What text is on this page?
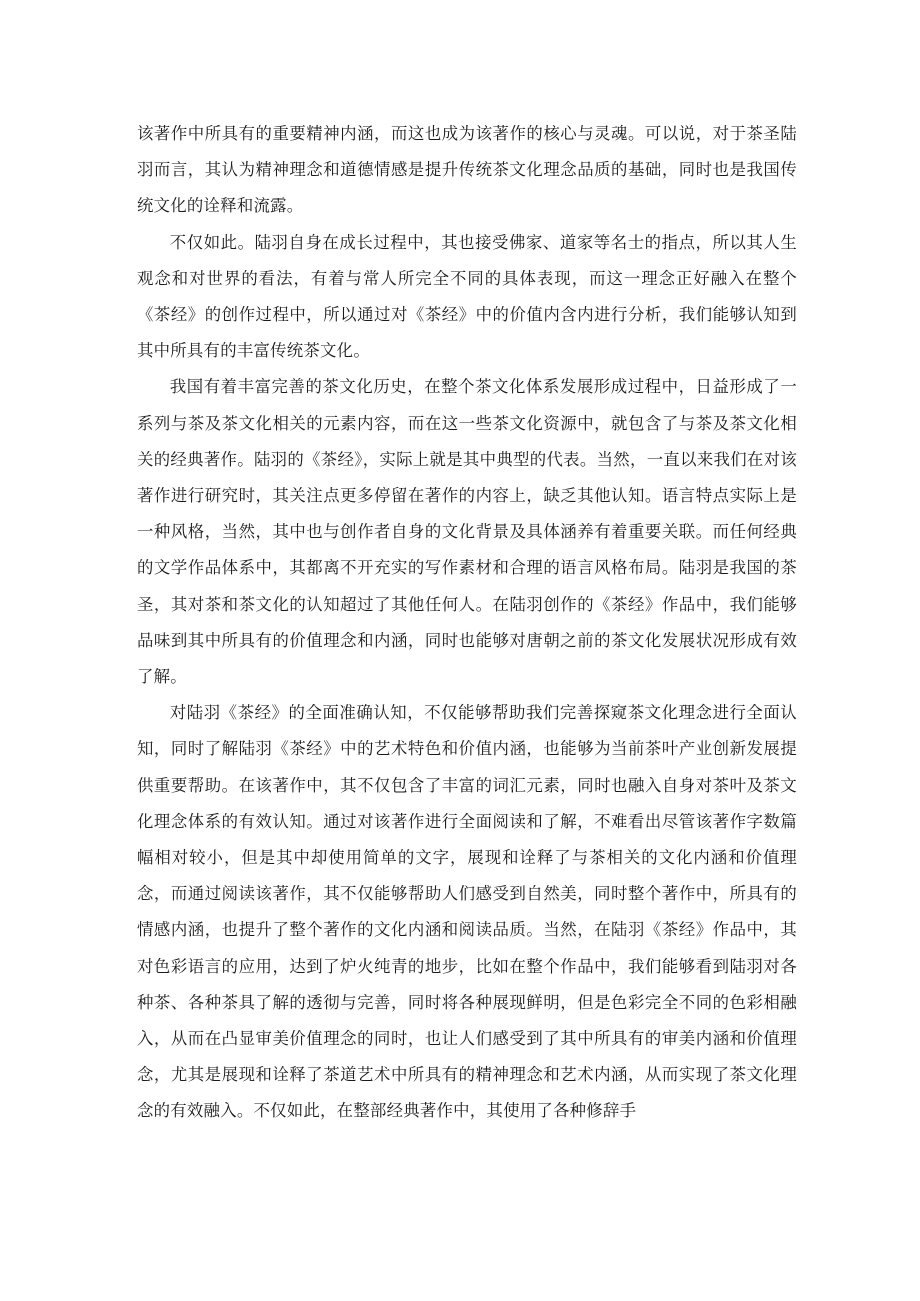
该著作中所具有的重要精神内涵，而这也成为该著作的核心与灵魂。可以说，对于茶圣陆羽而言，其认为精神理念和道德情感是提升传统茶文化理念品质的基础，同时也是我国传统文化的诠释和流露。

不仅如此。陆羽自身在成长过程中，其也接受佛家、道家等名士的指点，所以其人生观念和对世界的看法，有着与常人所完全不同的具体表现，而这一理念正好融入在整个《茶经》的创作过程中，所以通过对《茶经》中的价值内含内进行分析，我们能够认知到其中所具有的丰富传统茶文化。

我国有着丰富完善的茶文化历史，在整个茶文化体系发展形成过程中，日益形成了一系列与茶及茶文化相关的元素内容，而在这一些茶文化资源中，就包含了与茶及茶文化相关的经典著作。陆羽的《茶经》，实际上就是其中典型的代表。当然，一直以来我们在对该著作进行研究时，其关注点更多停留在著作的内容上，缺乏其他认知。语言特点实际上是一种风格，当然，其中也与创作者自身的文化背景及具体涵养有着重要关联。而任何经典的文学作品体系中，其都离不开充实的写作素材和合理的语言风格布局。陆羽是我国的茶圣，其对茶和茶文化的认知超过了其他任何人。在陆羽创作的《茶经》作品中，我们能够品味到其中所具有的价值理念和内涵，同时也能够对唐朝之前的茶文化发展状况形成有效了解。

对陆羽《茶经》的全面准确认知，不仅能够帮助我们完善探窥茶文化理念进行全面认知，同时了解陆羽《茶经》中的艺术特色和价值内涵，也能够为当前茶叶产业创新发展提供重要帮助。在该著作中，其不仅包含了丰富的词汇元素，同时也融入自身对茶叶及茶文化理念体系的有效认知。通过对该著作进行全面阅读和了解，不难看出尽管该著作字数篇幅相对较小，但是其中却使用简单的文字，展现和诠释了与茶相关的文化内涵和价值理念，而通过阅读该著作，其不仅能够帮助人们感受到自然美，同时整个著作中，所具有的情感内涵，也提升了整个著作的文化内涵和阅读品质。当然，在陆羽《茶经》作品中，其对色彩语言的应用，达到了炉火纯青的地步，比如在整个作品中，我们能够看到陆羽对各种茶、各种茶具了解的透彻与完善，同时将各种展现鲜明，但是色彩完全不同的色彩相融入，从而在凸显审美价值理念的同时，也让人们感受到了其中所具有的审美内涵和价值理念，尤其是展现和诠释了茶道艺术中所具有的精神理念和艺术内涵，从而实现了茶文化理念的有效融入。不仅如此，在整部经典著作中，其使用了各种修辞手
